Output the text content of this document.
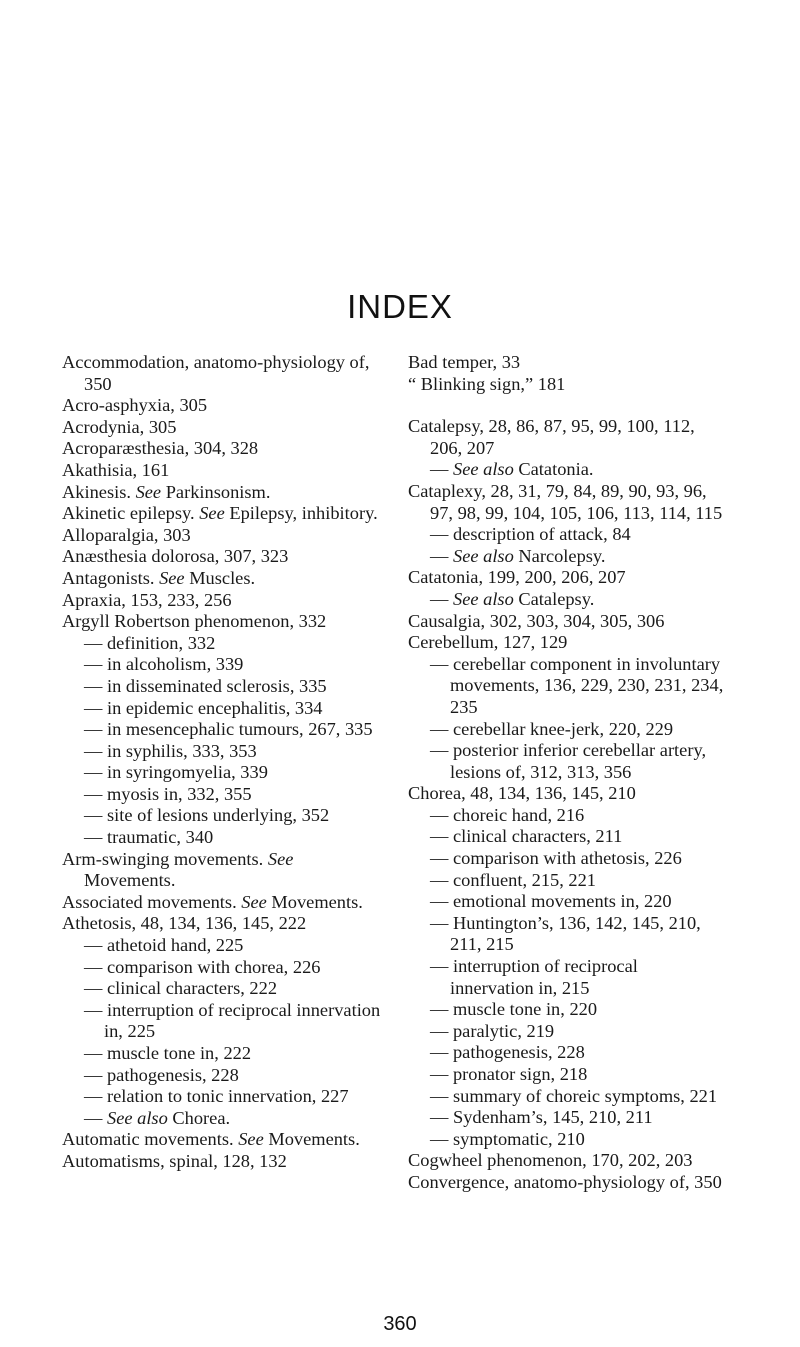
INDEX
Accommodation, anatomo-physiology of, 350
Acro-asphyxia, 305
Acrodynia, 305
Acroparæsthesia, 304, 328
Akathisia, 161
Akinesis. See Parkinsonism.
Akinetic epilepsy. See Epilepsy, inhibitory.
Alloparalgia, 303
Anæsthesia dolorosa, 307, 323
Antagonists. See Muscles.
Apraxia, 153, 233, 256
Argyll Robertson phenomenon, 332
— definition, 332
— in alcoholism, 339
— in disseminated sclerosis, 335
— in epidemic encephalitis, 334
— in mesencephalic tumours, 267, 335
— in syphilis, 333, 353
— in syringomyelia, 339
— myosis in, 332, 355
— site of lesions underlying, 352
— traumatic, 340
Arm-swinging movements. See Movements.
Associated movements. See Movements.
Athetosis, 48, 134, 136, 145, 222
— athetoid hand, 225
— comparison with chorea, 226
— clinical characters, 222
— interruption of reciprocal innervation in, 225
— muscle tone in, 222
— pathogenesis, 228
— relation to tonic innervation, 227
— See also Chorea.
Automatic movements. See Movements.
Automatisms, spinal, 128, 132
Bad temper, 33
“ Blinking sign,” 181
Catalepsy, 28, 86, 87, 95, 99, 100, 112, 206, 207
— See also Catatonia.
Cataplexy, 28, 31, 79, 84, 89, 90, 93, 96, 97, 98, 99, 104, 105, 106, 113, 114, 115
— description of attack, 84
— See also Narcolepsy.
Catatonia, 199, 200, 206, 207
— See also Catalepsy.
Causalgia, 302, 303, 304, 305, 306
Cerebellum, 127, 129
— cerebellar component in involuntary movements, 136, 229, 230, 231, 234, 235
— cerebellar knee-jerk, 220, 229
— posterior inferior cerebellar artery, lesions of, 312, 313, 356
Chorea, 48, 134, 136, 145, 210
— choreic hand, 216
— clinical characters, 211
— comparison with athetosis, 226
— confluent, 215, 221
— emotional movements in, 220
— Huntington’s, 136, 142, 145, 210, 211, 215
— interruption of reciprocal innervation in, 215
— muscle tone in, 220
— paralytic, 219
— pathogenesis, 228
— pronator sign, 218
— summary of choreic symptoms, 221
— Sydenham’s, 145, 210, 211
— symptomatic, 210
Cogwheel phenomenon, 170, 202, 203
Convergence, anatomo-physiology of, 350
360
